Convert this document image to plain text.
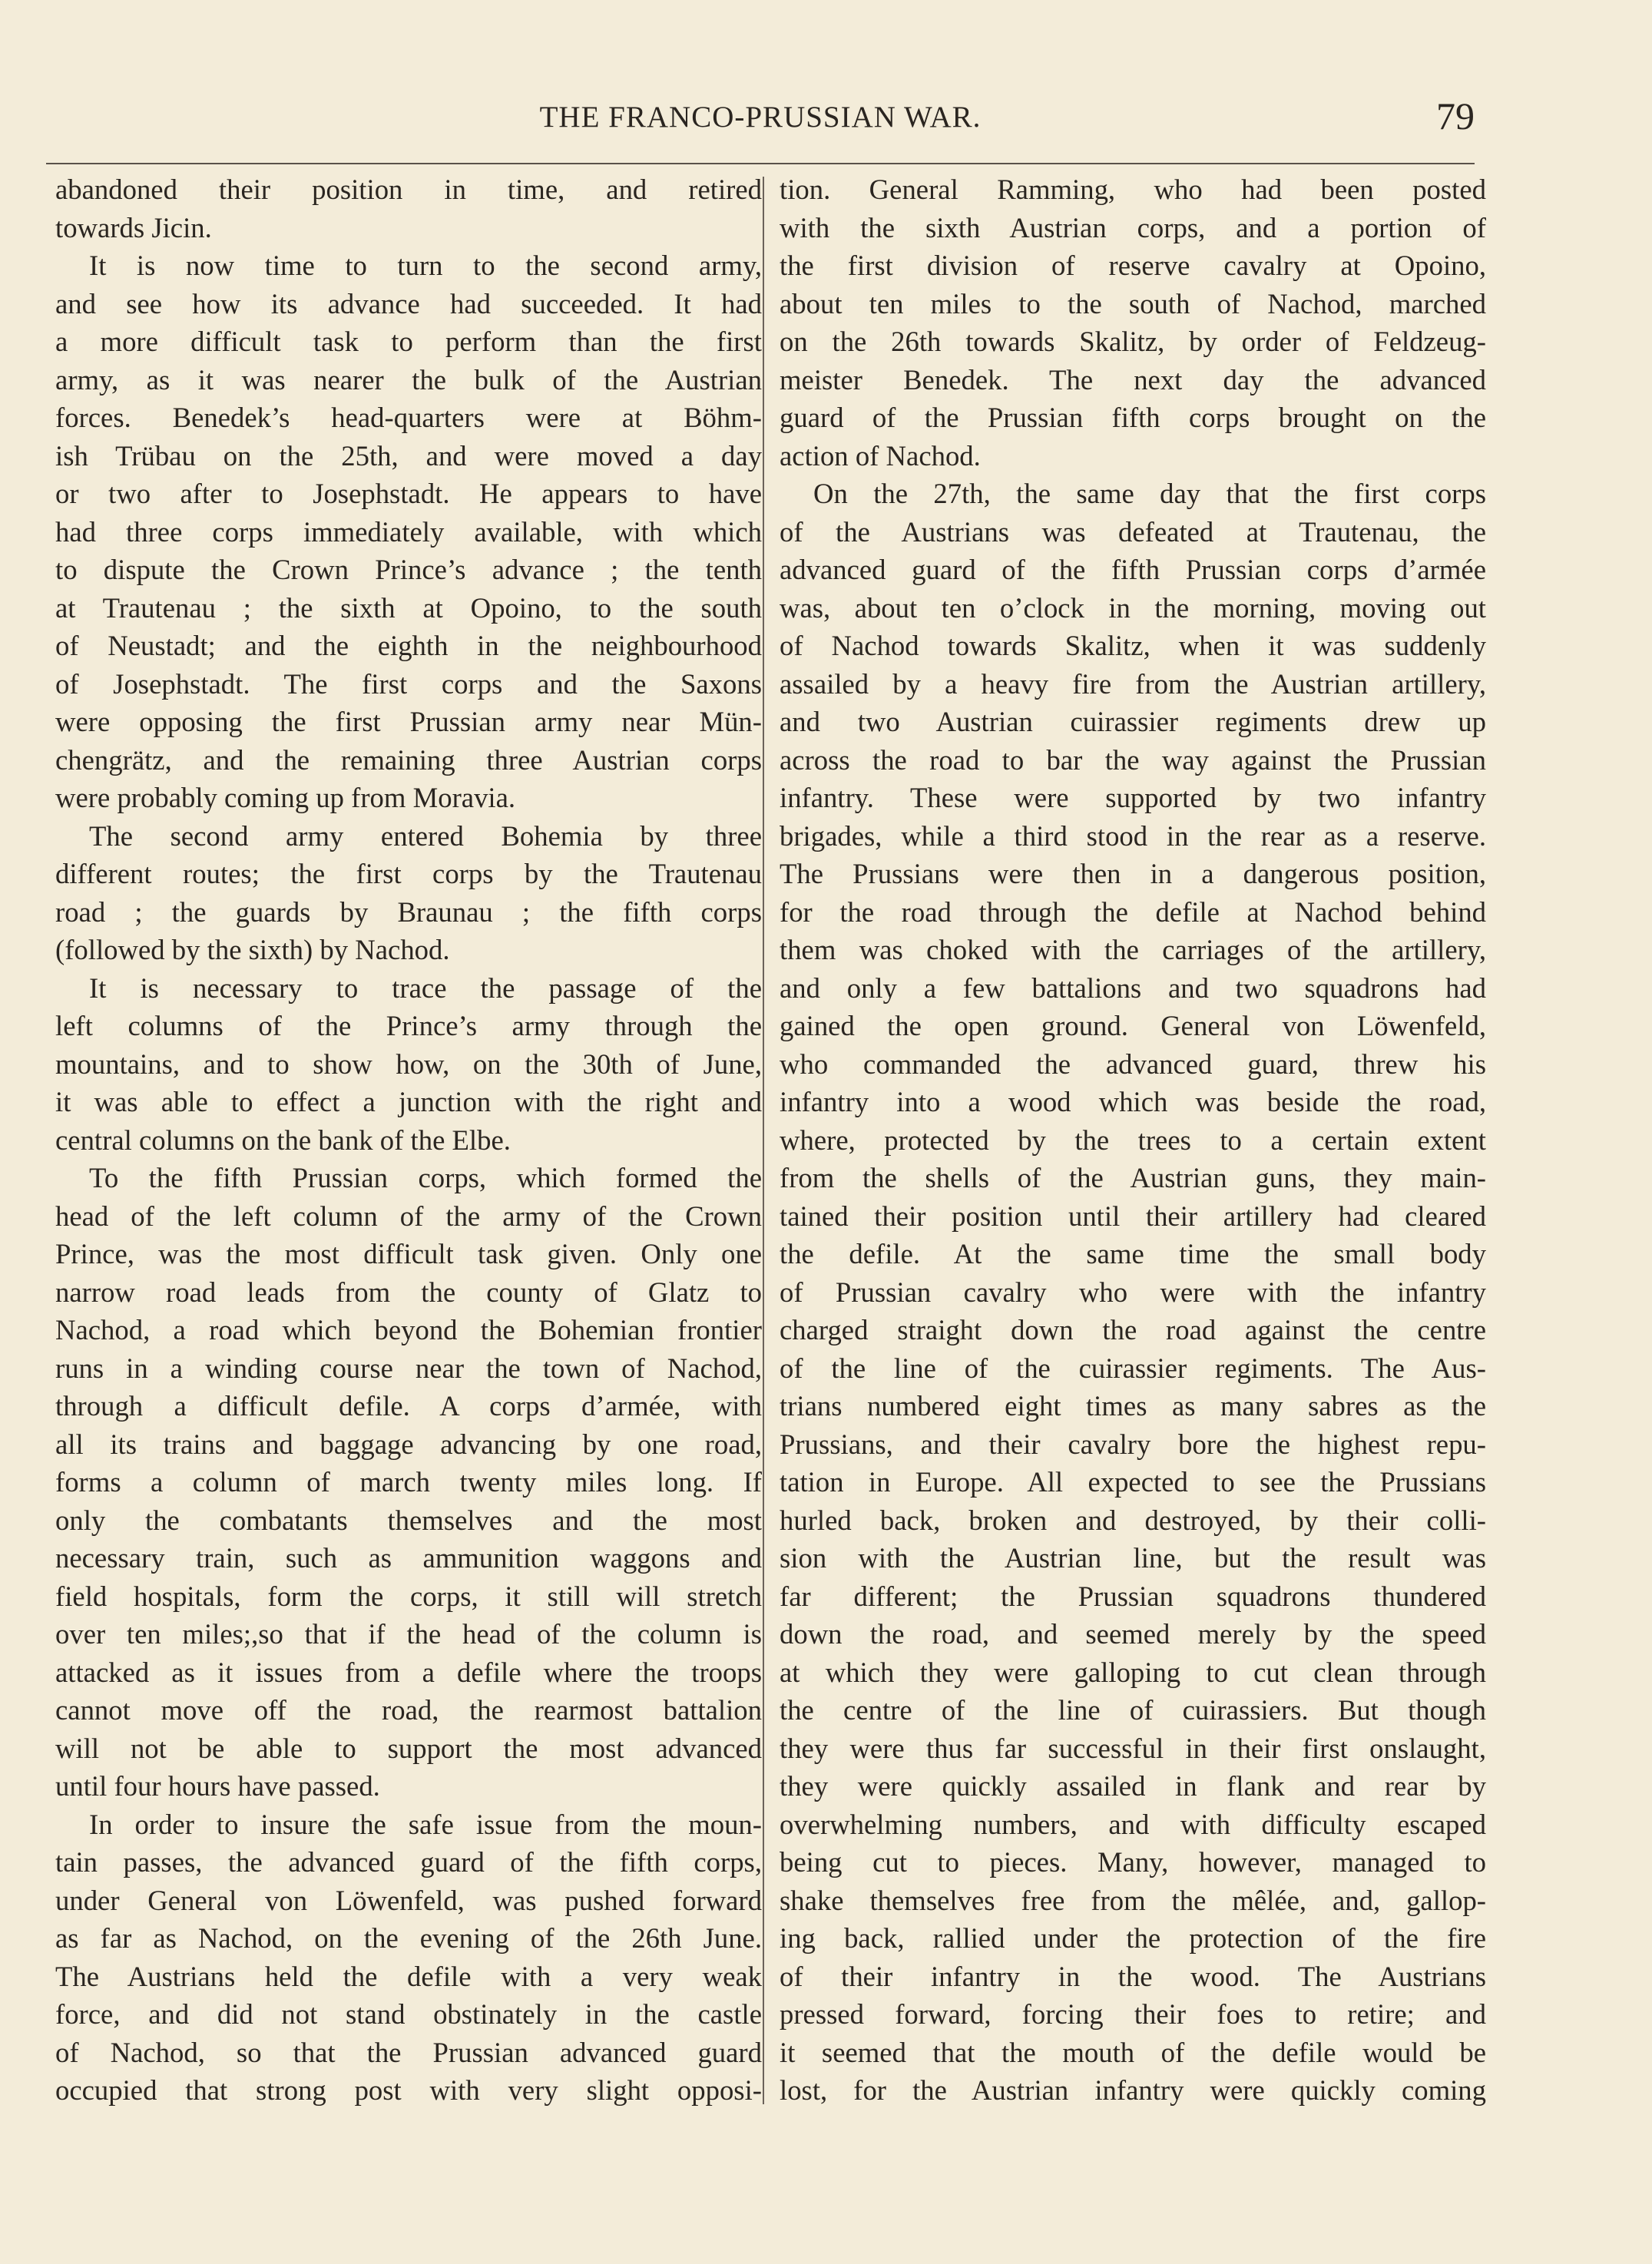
THE FRANCO-PRUSSIAN WAR.	79
abandoned their position in time, and retired
towards Jicin.
It is now time to turn to the second army,
and see how its advance had succeeded. It had
a more difficult task to perform than the first
army, as it was nearer the bulk of the Austrian
forces. Benedek’s head-quarters were at Böhm-
ish Trübau on the 25th, and were moved a day
or two after to Josephstadt. He appears to have
had three corps immediately available, with which
to dispute the Crown Prince’s advance ; the tenth
at Trautenau ; the sixth at Opoino, to the south
of Neustadt; and the eighth in the neighbourhood
of Josephstadt. The first corps and the Saxons
were opposing the first Prussian army near Mün-
chengrätz, and the remaining three Austrian corps
were probably coming up from Moravia.
The second army entered Bohemia by three
different routes; the first corps by the Trautenau
road ; the guards by Braunau ; the fifth corps
(followed by the sixth) by Nachod.
It is necessary to trace the passage of the
left columns of the Prince’s army through the
mountains, and to show how, on the 30th of June,
it was able to effect a junction with the right and
central columns on the bank of the Elbe.
To the fifth Prussian corps, which formed the
head of the left column of the army of the Crown
Prince, was the most difficult task given. Only one
narrow road leads from the county of Glatz to
Nachod, a road which beyond the Bohemian frontier
runs in a winding course near the town of Nachod,
through a difficult defile. A corps d’armée, with
all its trains and baggage advancing by one road,
forms a column of march twenty miles long. If
only the combatants themselves and the most
necessary train, such as ammunition waggons and
field hospitals, form the corps, it still will stretch
over ten miles;,so that if the head of the column is
attacked as it issues from a defile where the troops
cannot move off the road, the rearmost battalion
will not be able to support the most advanced
until four hours have passed.
In order to insure the safe issue from the moun-
tain passes, the advanced guard of the fifth corps,
under General von Löwenfeld, was pushed forward
as far as Nachod, on the evening of the 26th June.
The Austrians held the defile with a very weak
force, and did not stand obstinately in the castle
of Nachod, so that the Prussian advanced guard
occupied that strong post with very slight opposi-
tion. General Ramming, who had been posted
with the sixth Austrian corps, and a portion of
the first division of reserve cavalry at Opoino,
about ten miles to the south of Nachod, marched
on the 26th towards Skalitz, by order of Feldzeug-
meister Benedek. The next day the advanced
guard of the Prussian fifth corps brought on the
action of Nachod.
On the 27th, the same day that the first corps
of the Austrians was defeated at Trautenau, the
advanced guard of the fifth Prussian corps d’armée
was, about ten o’clock in the morning, moving out
of Nachod towards Skalitz, when it was suddenly
assailed by a heavy fire from the Austrian artillery,
and two Austrian cuirassier regiments drew up
across the road to bar the way against the Prussian
infantry. These were supported by two infantry
brigades, while a third stood in the rear as a reserve.
The Prussians were then in a dangerous position,
for the road through the defile at Nachod behind
them was choked with the carriages of the artillery,
and only a few battalions and two squadrons had
gained the open ground. General von Löwenfeld,
who commanded the advanced guard, threw his
infantry into a wood which was beside the road,
where, protected by the trees to a certain extent
from the shells of the Austrian guns, they main-
tained their position until their artillery had cleared
the defile. At the same time the small body
of Prussian cavalry who were with the infantry
charged straight down the road against the centre
of the line of the cuirassier regiments. The Aus-
trians numbered eight times as many sabres as the
Prussians, and their cavalry bore the highest repu-
tation in Europe. All expected to see the Prussians
hurled back, broken and destroyed, by their colli-
sion with the Austrian line, but the result was
far different; the Prussian squadrons thundered
down the road, and seemed merely by the speed
at which they were galloping to cut clean through
the centre of the line of cuirassiers. But though
they were thus far successful in their first onslaught,
they were quickly assailed in flank and rear by
overwhelming numbers, and with difficulty escaped
being cut to pieces. Many, however, managed to
shake themselves free from the mêlée, and, gallop-
ing back, rallied under the protection of the fire
of their infantry in the wood. The Austrians
pressed forward, forcing their foes to retire; and
it seemed that the mouth of the defile would be
lost, for the Austrian infantry were quickly coming
